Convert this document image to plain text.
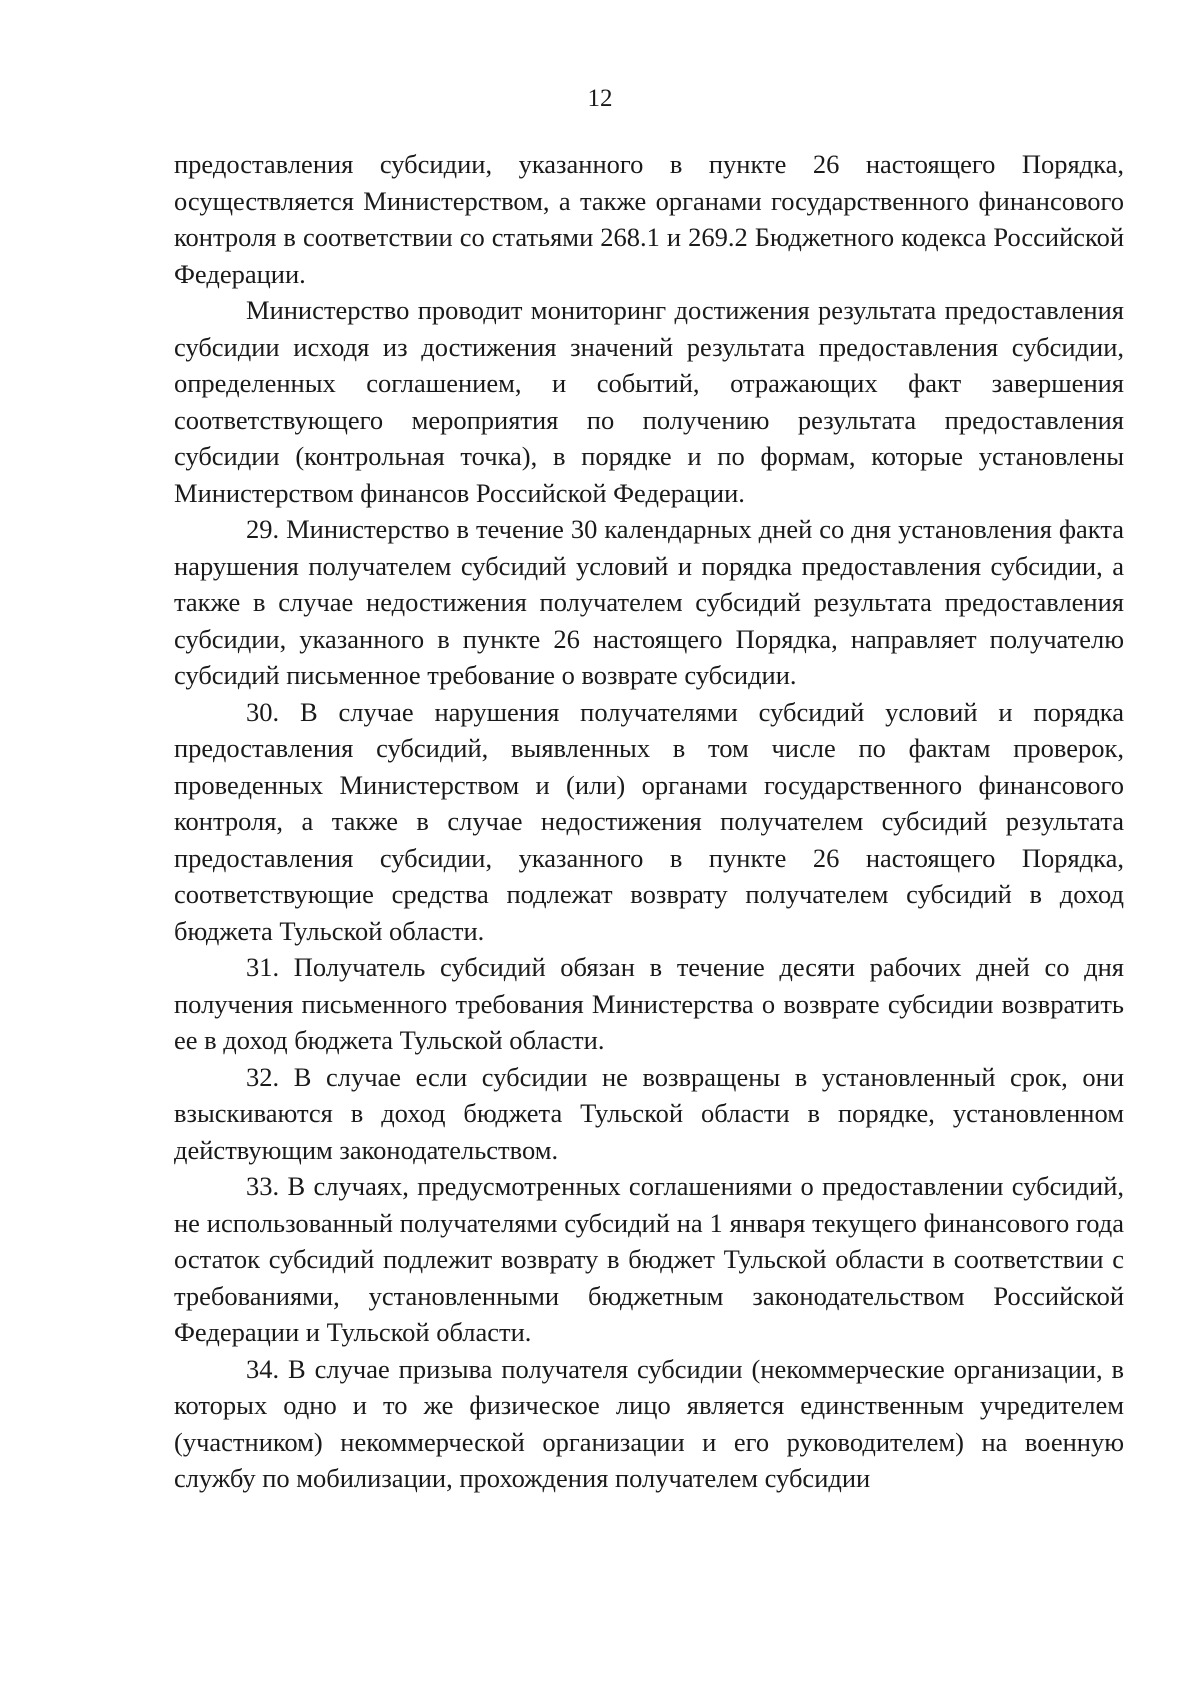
12

предоставления субсидии, указанного в пункте 26 настоящего Порядка, осуществляется Министерством, а также органами государственного финансового контроля в соответствии со статьями 268.1 и 269.2 Бюджетного кодекса Российской Федерации.

Министерство проводит мониторинг достижения результата предоставления субсидии исходя из достижения значений результата предоставления субсидии, определенных соглашением, и событий, отражающих факт завершения соответствующего мероприятия по получению результата предоставления субсидии (контрольная точка), в порядке и по формам, которые установлены Министерством финансов Российской Федерации.

29. Министерство в течение 30 календарных дней со дня установления факта нарушения получателем субсидий условий и порядка предоставления субсидии, а также в случае недостижения получателем субсидий результата предоставления субсидии, указанного в пункте 26 настоящего Порядка, направляет получателю субсидий письменное требование о возврате субсидии.

30. В случае нарушения получателями субсидий условий и порядка предоставления субсидий, выявленных в том числе по фактам проверок, проведенных Министерством и (или) органами государственного финансового контроля, а также в случае недостижения получателем субсидий результата предоставления субсидии, указанного в пункте 26 настоящего Порядка, соответствующие средства подлежат возврату получателем субсидий в доход бюджета Тульской области.

31. Получатель субсидий обязан в течение десяти рабочих дней со дня получения письменного требования Министерства о возврате субсидии возвратить ее в доход бюджета Тульской области.

32. В случае если субсидии не возвращены в установленный срок, они взыскиваются в доход бюджета Тульской области в порядке, установленном действующим законодательством.

33. В случаях, предусмотренных соглашениями о предоставлении субсидий, не использованный получателями субсидий на 1 января текущего финансового года остаток субсидий подлежит возврату в бюджет Тульской области в соответствии с требованиями, установленными бюджетным законодательством Российской Федерации и Тульской области.

34. В случае призыва получателя субсидии (некоммерческие организации, в которых одно и то же физическое лицо является единственным учредителем (участником) некоммерческой организации и его руководителем) на военную службу по мобилизации, прохождения получателем субсидии
